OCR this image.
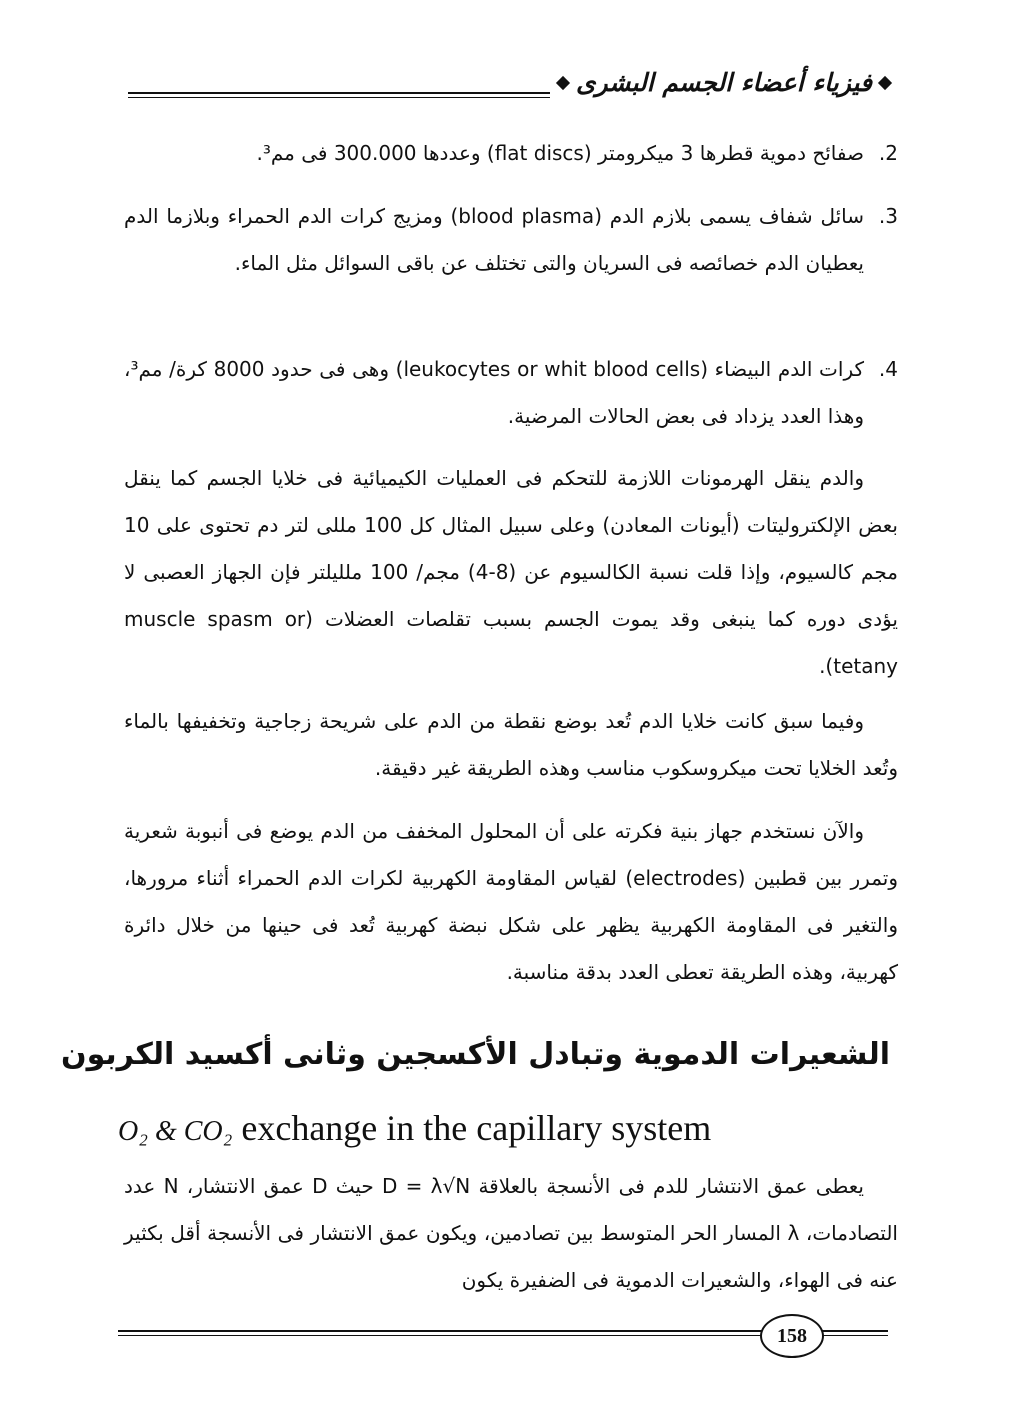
فيزياء أعضاء الجسم البشرى
2.
صفائح دموية قطرها 3 ميكرومتر (flat discs) وعددها 300.000 فى مم³.
3.
سائل شفاف يسمى بلازم الدم (blood plasma) ومزيج كرات الدم الحمراء وبلازما الدم يعطيان الدم خصائصه فى السريان والتى تختلف عن باقى السوائل مثل الماء.
4.
كرات الدم البيضاء (leukocytes or whit blood cells) وهى فى حدود 8000 كرة/ مم³، وهذا العدد يزداد فى بعض الحالات المرضية.
والدم ينقل الهرمونات اللازمة للتحكم فى العمليات الكيميائية فى خلايا الجسم كما ينقل بعض الإلكتروليتات (أيونات المعادن) وعلى سبيل المثال كل 100 مللى لتر دم تحتوى على 10 مجم كالسيوم، وإذا قلت نسبة الكالسيوم عن (8-4) مجم/ 100 ملليلتر فإن الجهاز العصبى لا يؤدى دوره كما ينبغى وقد يموت الجسم بسبب تقلصات العضلات (muscle spasm or tetany).
وفيما سبق كانت خلايا الدم تُعد بوضع نقطة من الدم على شريحة زجاجية وتخفيفها بالماء وتُعد الخلايا تحت ميكروسكوب مناسب وهذه الطريقة غير دقيقة.
والآن نستخدم جهاز بنية فكرته على أن المحلول المخفف من الدم يوضع فى أنبوبة شعرية وتمرر بين قطبين (electrodes) لقياس المقاومة الكهربية لكرات الدم الحمراء أثناء مرورها، والتغير فى المقاومة الكهربية يظهر على شكل نبضة كهربية تُعد فى حينها من خلال دائرة كهربية، وهذه الطريقة تعطى العدد بدقة مناسبة.
الشعيرات الدموية وتبادل الأكسجين وثانى أكسيد الكربون
O₂ & CO₂ exchange in the capillary system
يعطى عمق الانتشار للدم فى الأنسجة بالعلاقة D = λ√N حيث D عمق الانتشار، N عدد التصادمات، λ المسار الحر المتوسط بين تصادمين، ويكون عمق الانتشار فى الأنسجة أقل بكثير عنه فى الهواء، والشعيرات الدموية فى الضفيرة يكون
158
